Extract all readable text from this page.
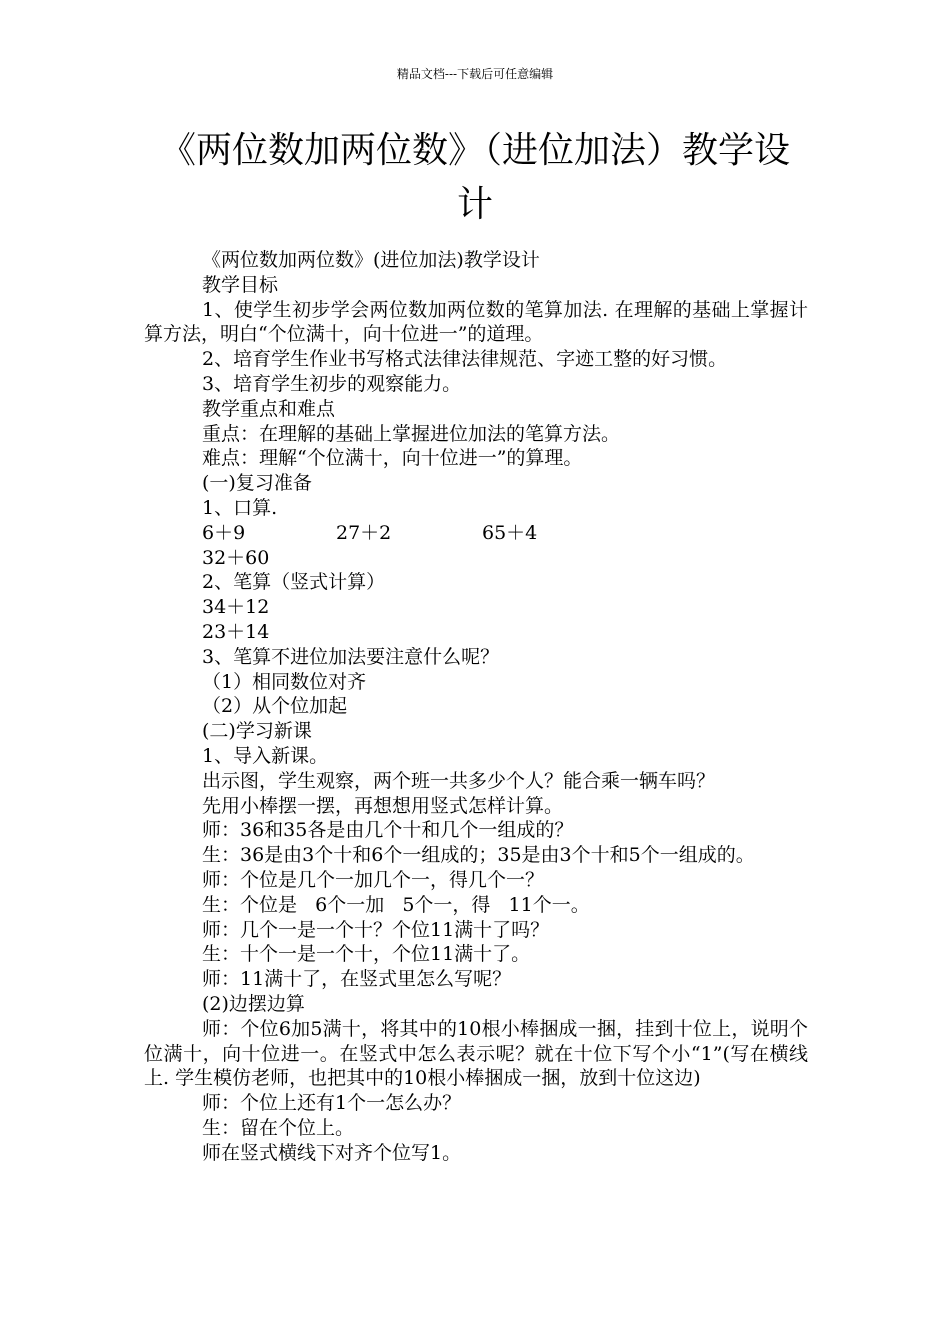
精品文档---下载后可任意编辑
《两位数加两位数》（进位加法）教学设计

《两位数加两位数》(进位加法)教学设计

教学目标

1、使学生初步学会两位数加两位数的笔算加法. 在理解的基础上掌握计算方法，明白“个位满十，向十位进一”的道理。

2、培育学生作业书写格式法律法律规范、字迹工整的好习惯。

3、培育学生初步的观察能力。

教学重点和难点

重点：在理解的基础上掌握进位加法的笔算方法。

难点：理解“个位满十，向十位进一”的算理。

(一)复习准备

1、口算.

6＋9	27＋2	65＋4

32＋60

2、笔算（竖式计算）

34＋12

23＋14

3、笔算不进位加法要注意什么呢？

（1）相同数位对齐

（2）从个位加起

(二)学习新课

1、导入新课。

出示图，学生观察，两个班一共多少个人？能合乘一辆车吗？

先用小棒摆一摆，再想想用竖式怎样计算。

师：36和35各是由几个十和几个一组成的？

生：36是由3个十和6个一组成的；35是由3个十和5个一组成的。

师：个位是几个一加几个一，得几个一？

生：个位是   6个一加   5个一，得   11个一。

师：几个一是一个十？个位11满十了吗？

生：十个一是一个十，个位11满十了。

师：11满十了，在竖式里怎么写呢？

(2)边摆边算

师：个位6加5满十，将其中的10根小棒捆成一捆，挂到十位上，说明个位满十，向十位进一。在竖式中怎么表示呢？就在十位下写个小“1”(写在横线上. 学生模仿老师，也把其中的10根小棒捆成一捆，放到十位这边)

师：个位上还有1个一怎么办？

生：留在个位上。

师在竖式横线下对齐个位写1。
